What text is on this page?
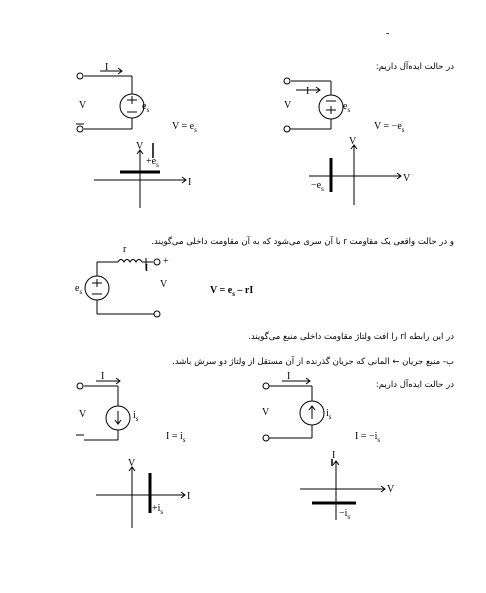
-
در حالت ایده‌آل داریم:
I
V	$e_s$
$V = e_s$
V
I
$+e_s$
I
V	$e_s$
$V = -e_s$
V
V
$-e_s$
و در حالت واقعی یک مقاومت r با آن سری می‌شود که به آن مقاومت داخلی می‌گویند.
r
I
+
V
$e_s$	$V = e_s$ – rI
در این رابطه rI را افت ولتاژ مقاومت داخلی منبع می‌گویند.
ب- منبع جریان ← المانی که جریان گذرنده از آن مستقل از ولتاژ دو سرش باشد.
در حالت ایده‌آل داریم:
I
V	$i_s$
$I = i_s$
V
I
$+i_s$
I
V	$i_s$
$I = -i_s$
I
V
$-i_s$
